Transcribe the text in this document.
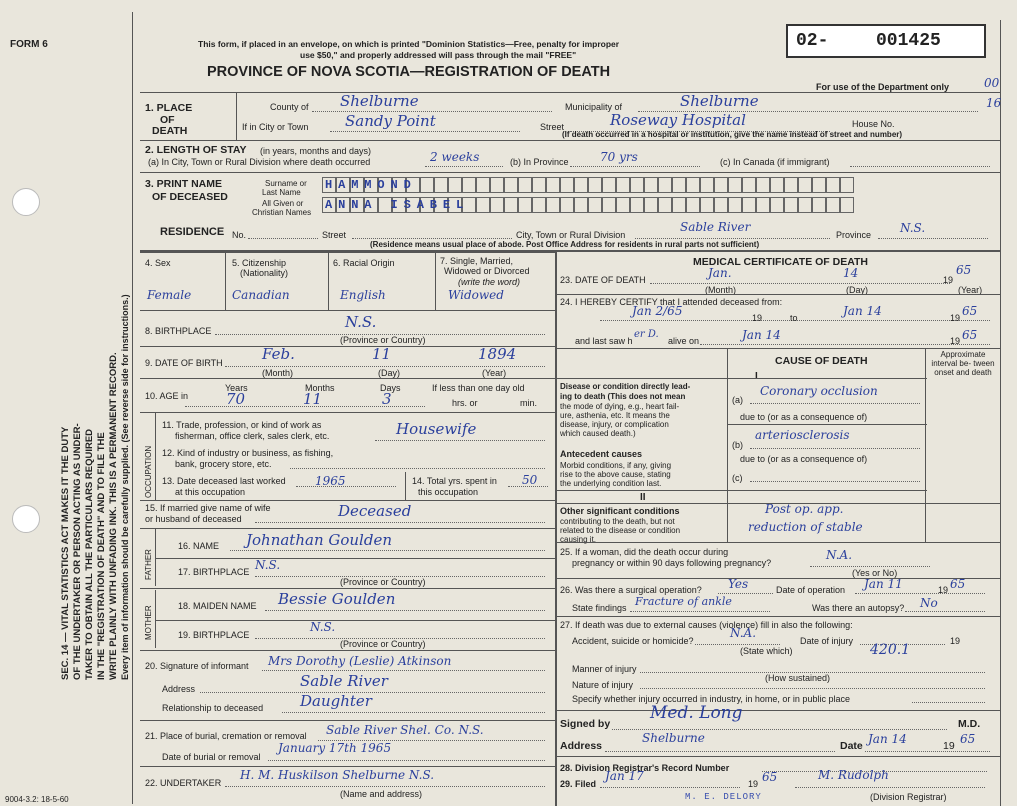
FORM 6
SEC. 14 — VITAL STATISTICS ACT MAKES IT THE DUTY OF THE UNDERTAKER OR PERSON ACTING AS UNDER- TAKER TO OBTAIN ALL THE PARTICULARS REQUIRED IN THE "REGISTRATION OF DEATH" AND TO FILE THE WRITE PLAINLY WITH UNFADING INK. THIS IS A PERMANENT RECORD. Every item of information should be carefully supplied. (See reverse side for instructions.)
This form, if placed in an envelope, on which is printed "Dominion Statistics—Free, penalty for improper
use $50," and properly addressed will pass through the mail "FREE"
02-	001425
PROVINCE OF NOVA SCOTIA—REGISTRATION OF DEATH
For use of the Department only	00
16
1. PLACE
OF
DEATH
County of Shelburne	Municipality of	Shelburne
If in City or Town Sandy Point	Street	Roseway Hospital	House No.
(If death occurred in a hospital or institution, give the name instead of street and number)
2. LENGTH OF STAY (in years, months and days)
(a) In City, Town or Rural Division where death occurred	2 weeks	(b) In Province	70 yrs	(c) In Canada (if immigrant)
3. PRINT NAME
OF DECEASED
Surname or
Last Name
All Given or
Christian Names
HAMMOND
ANNA ISABEL
RESIDENCE No.	Street	City, Town or Rural Division
Sable River
Province N.S.
(Residence means usual place of abode. Post Office Address for residents in rural parts not sufficient)
4. Sex	5. Citizenship
(Nationality)
6. Racial Origin	7. Single, Married,
Widowed or Divorced
(write the word)
Female	Canadian	English	Widowed
8. BIRTHPLACE	N.S.
(Province or Country)
9. DATE OF BIRTH	Feb.	11	1894
(Month)	(Day)	(Year)
10. AGE in
Years	Months	Days
70	11	3
If less than one day old
hrs. or	min.
OCCUPATION
11. Trade, profession, or kind of work as
fisherman, office clerk, sales clerk, etc.	Housewife
12. Kind of industry or business, as fishing,
bank, grocery store, etc.
13. Date deceased last worked
at this occupation
1965	14. Total yrs. spent in
this occupation
50
15. If married give name of wife
or husband of deceased	Deceased
FATHER
MOTHER
16. NAME Johnathan Goulden
17. BIRTHPLACE N.S.
(Province or Country)
18. MAIDEN NAME Bessie Goulden
19. BIRTHPLACE
N.S.
(Province or Country)
20. Signature of informant Mrs Dorothy (Leslie) Atkinson
Address	Sable River
Relationship to deceased Daughter
21. Place of burial, cremation or removal Sable River Shel. Co. N.S.
Date of burial or removal
January 17th 1965
22. UNDERTAKER
H. M. Huskilson Shelburne N.S.
(Name and address)
9004-3.2: 18-5-60
MEDICAL CERTIFICATE OF DEATH
23. DATE OF DEATH	Jan.	14	19
65
(Month)	(Day)	(Year)
24. I HEREBY CERTIFY that I attended deceased from:
Jan 2/65	19	to	Jan 14	19 65
and last saw h
er D.
alive on	Jan 14	19 65
CAUSE OF DEATH
Approximate interval be- tween onset and death
I
Disease or condition directly lead-
ing to death (This does not mean
the mode of dying, e.g., heart fail-
ure, asthenia, etc. It means the
disease, injury, or complication
which caused death.)
(a)
Coronary occlusion
due to (or as a consequence of)
(b)
arteriosclerosis
due to (or as a consequence of)
(c)
Antecedent causes
Morbid conditions, if any, giving
rise to the above cause, stating
the underlying condition last.
II
Other significant conditions
contributing to the death, but not
related to the disease or condition
causing it.
Post op. app.
reduction of stable
25. If a woman, did the death occur during
pregnancy or within 90 days following pregnancy?
N.A.
(Yes or No)
26. Was there a surgical operation? Yes	Date of operation Jan 11	19 65
State findings Fracture of ankle	Was there an autopsy? No
27. If death was due to external causes (violence) fill in also the following:
Accident, suicide or homicide?
N.A.
Date of injury	19
(State which)	420.1
Manner of injury
(How sustained)
Nature of injury
Specify whether injury occurred in industry, in home, or in public place
Signed by
Med. Long
M.D.
Address
Shelburne
Date Jan 14	19 65
28. Division Registrar's Record Number
29. Filed
Jan 17
19 65	M. Rudolph
(Division Registrar)
M. E. DELORY
